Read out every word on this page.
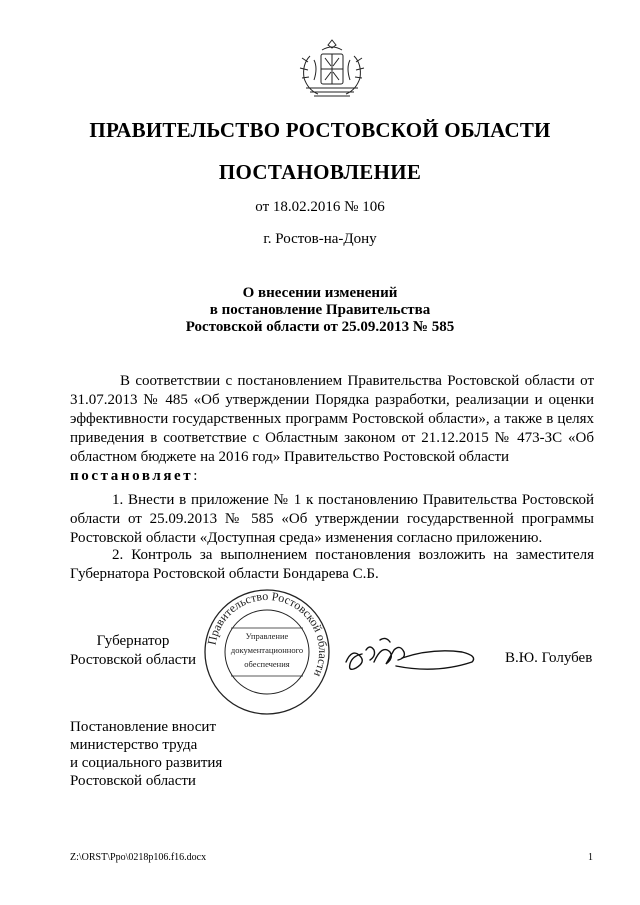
ПРАВИТЕЛЬСТВО РОСТОВСКОЙ ОБЛАСТИ
ПОСТАНОВЛЕНИЕ
от 18.02.2016 № 106
г. Ростов-на-Дону
О внесении изменений
в постановление Правительства
Ростовской области от 25.09.2013 № 585
В соответствии с постановлением Правительства Ростовской области от 31.07.2013 № 485 «Об утверждении Порядка разработки, реализации и оценки эффективности государственных программ Ростовской области», а также в целях приведения в соответствие с Областным законом от 21.12.2015 № 473-ЗС «Об областном бюджете на 2016 год» Правительство Ростовской области
постановляет:
1. Внести в приложение № 1 к постановлению Правительства Ростовской области от 25.09.2013 № 585 «Об утверждении государственной программы Ростовской области «Доступная среда» изменения согласно приложению.
2. Контроль за выполнением постановления возложить на заместителя Губернатора Ростовской области Бондарева С.Б.
Губернатор
Ростовской области
Правительство Ростовской области
Управление
документационного
обеспечения	В.Ю. Голубев
Постановление вносит
министерство труда
и социального развития
Ростовской области
Z:\ORST\Ppo\0218p106.f16.docx	1
